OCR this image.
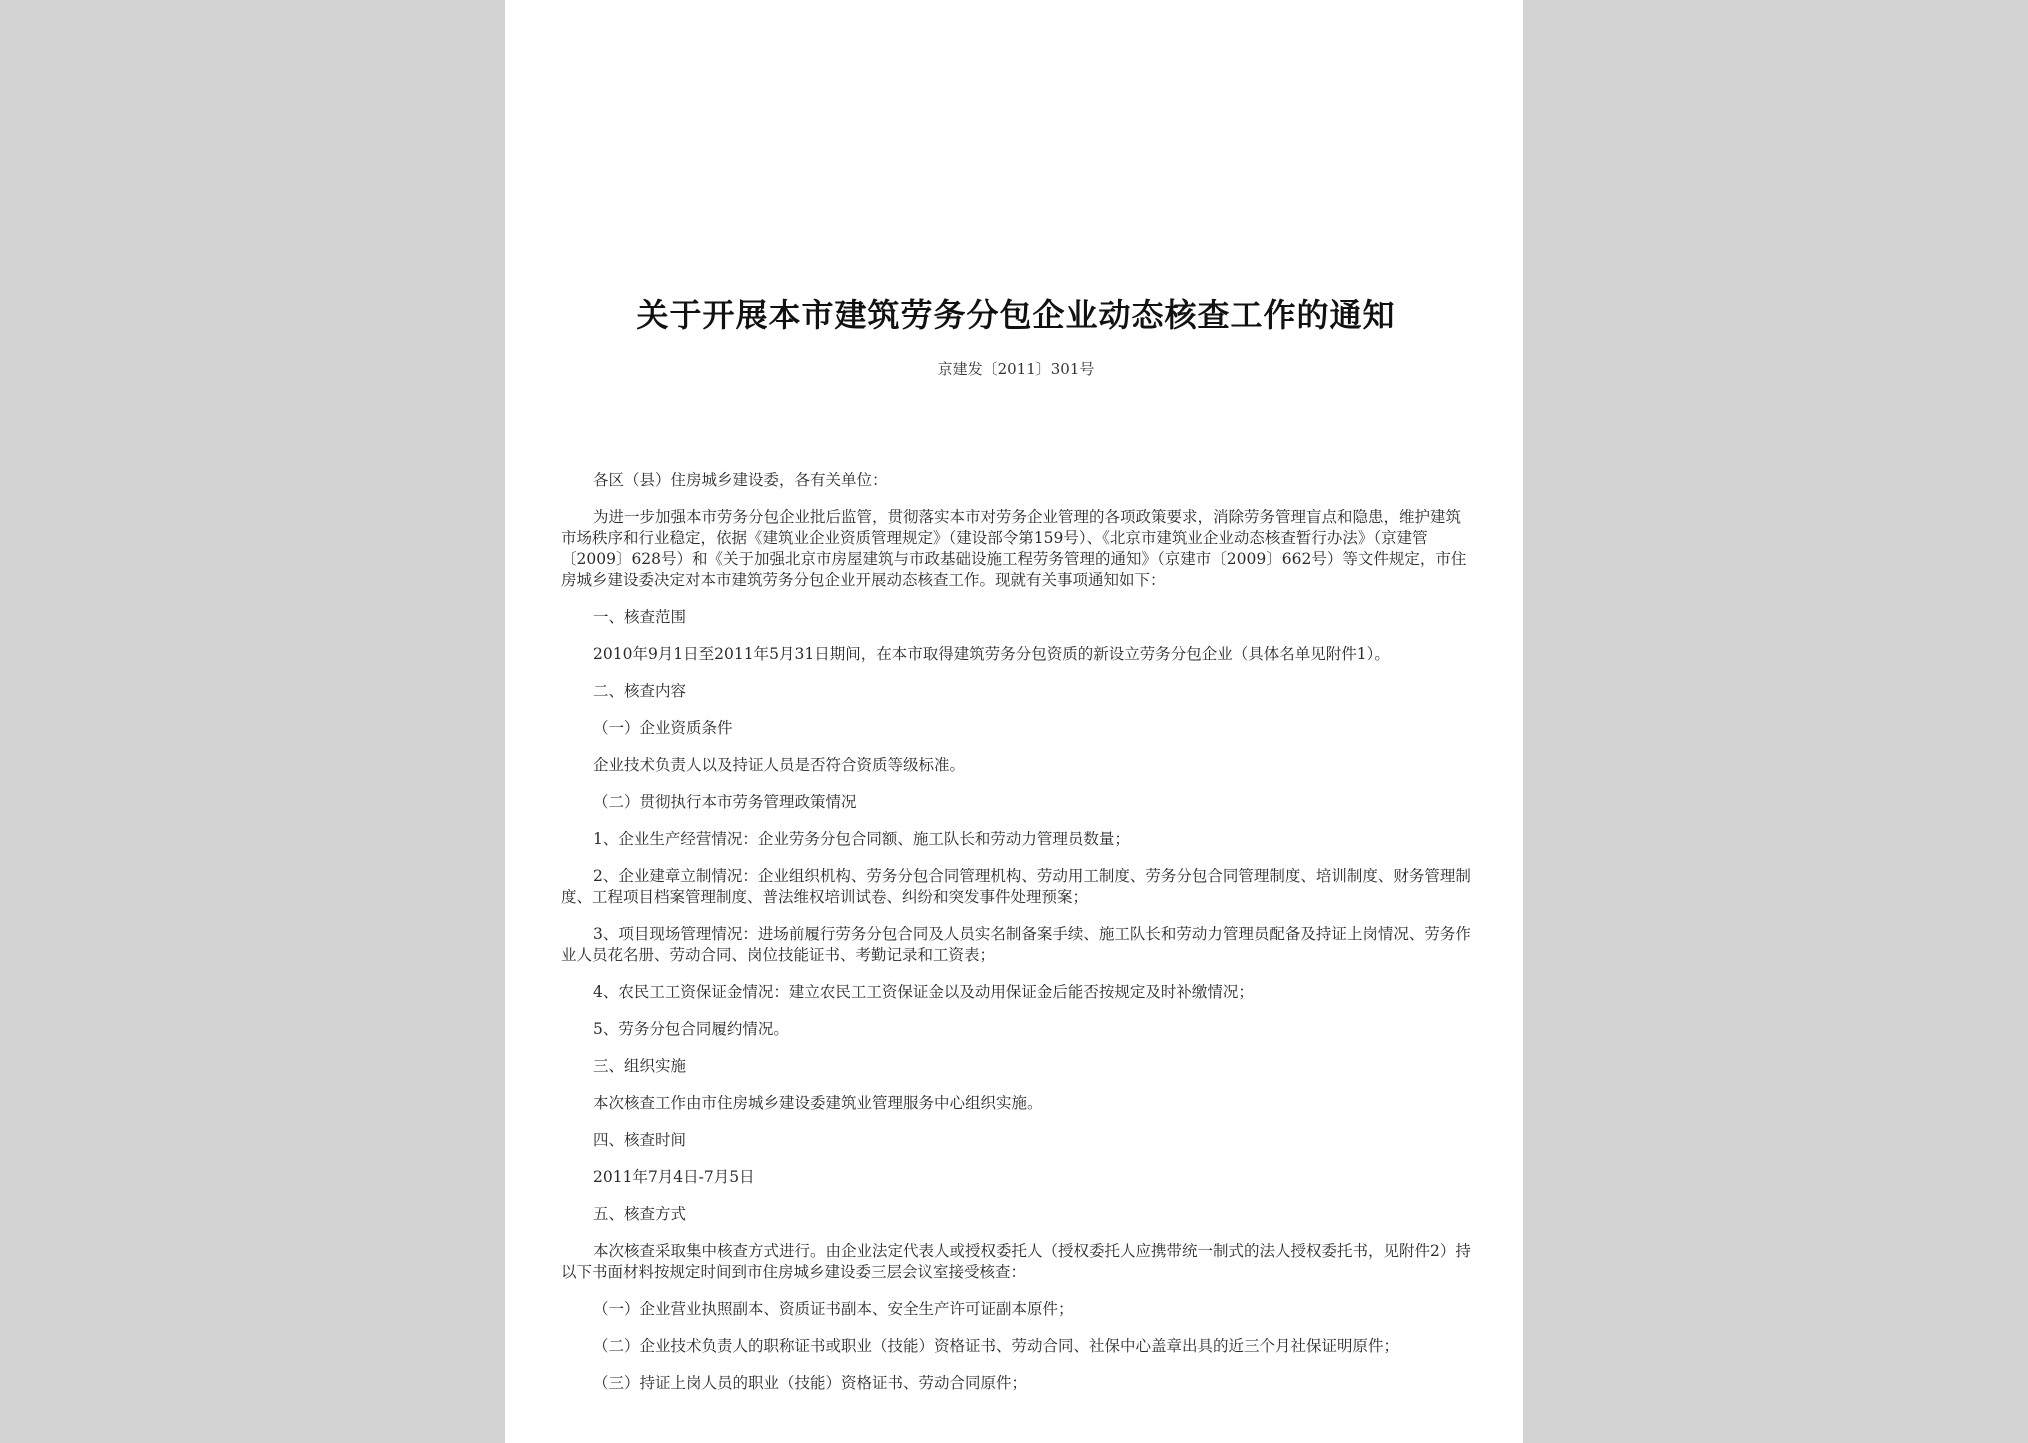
关于开展本市建筑劳务分包企业动态核查工作的通知
京建发〔2011〕301号

各区（县）住房城乡建设委，各有关单位：

为进一步加强本市劳务分包企业批后监管，贯彻落实本市对劳务企业管理的各项政策要求，消除劳务管理盲点和隐患，维护建筑市场秩序和行业稳定，依据《建筑业企业资质管理规定》（建设部令第159号）、《北京市建筑业企业动态核查暂行办法》（京建管〔2009〕628号）和《关于加强北京市房屋建筑与市政基础设施工程劳务管理的通知》（京建市〔2009〕662号）等文件规定，市住房城乡建设委决定对本市建筑劳务分包企业开展动态核查工作。现就有关事项通知如下：

一、核查范围

2010年9月1日至2011年5月31日期间，在本市取得建筑劳务分包资质的新设立劳务分包企业（具体名单见附件1）。

二、核查内容

（一）企业资质条件

企业技术负责人以及持证人员是否符合资质等级标准。

（二）贯彻执行本市劳务管理政策情况

1、企业生产经营情况：企业劳务分包合同额、施工队长和劳动力管理员数量；

2、企业建章立制情况：企业组织机构、劳务分包合同管理机构、劳动用工制度、劳务分包合同管理制度、培训制度、财务管理制度、工程项目档案管理制度、普法维权培训试卷、纠纷和突发事件处理预案；

3、项目现场管理情况：进场前履行劳务分包合同及人员实名制备案手续、施工队长和劳动力管理员配备及持证上岗情况、劳务作业人员花名册、劳动合同、岗位技能证书、考勤记录和工资表；

4、农民工工资保证金情况：建立农民工工资保证金以及动用保证金后能否按规定及时补缴情况；

5、劳务分包合同履约情况。

三、组织实施

本次核查工作由市住房城乡建设委建筑业管理服务中心组织实施。

四、核查时间

2011年7月4日-7月5日

五、核查方式

本次核查采取集中核查方式进行。由企业法定代表人或授权委托人（授权委托人应携带统一制式的法人授权委托书，见附件2）持以下书面材料按规定时间到市住房城乡建设委三层会议室接受核查：

（一）企业营业执照副本、资质证书副本、安全生产许可证副本原件；

（二）企业技术负责人的职称证书或职业（技能）资格证书、劳动合同、社保中心盖章出具的近三个月社保证明原件；

（三）持证上岗人员的职业（技能）资格证书、劳动合同原件；
